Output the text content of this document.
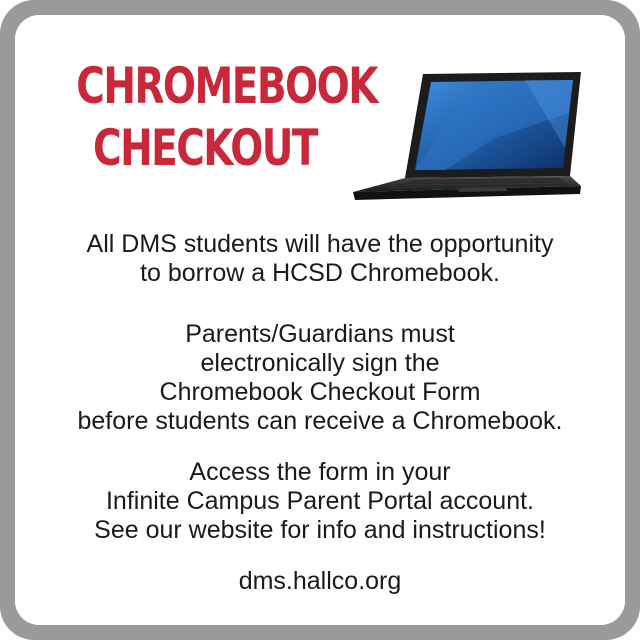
CHROMEBOOK
CHECKOUT
All DMS students will have the opportunity
to borrow a HCSD Chromebook.
Parents/Guardians must
electronically sign the
Chromebook Checkout Form
before students can receive a Chromebook.
Access the form in your
Infinite Campus Parent Portal account.
See our website for info and instructions!
dms.hallco.org
